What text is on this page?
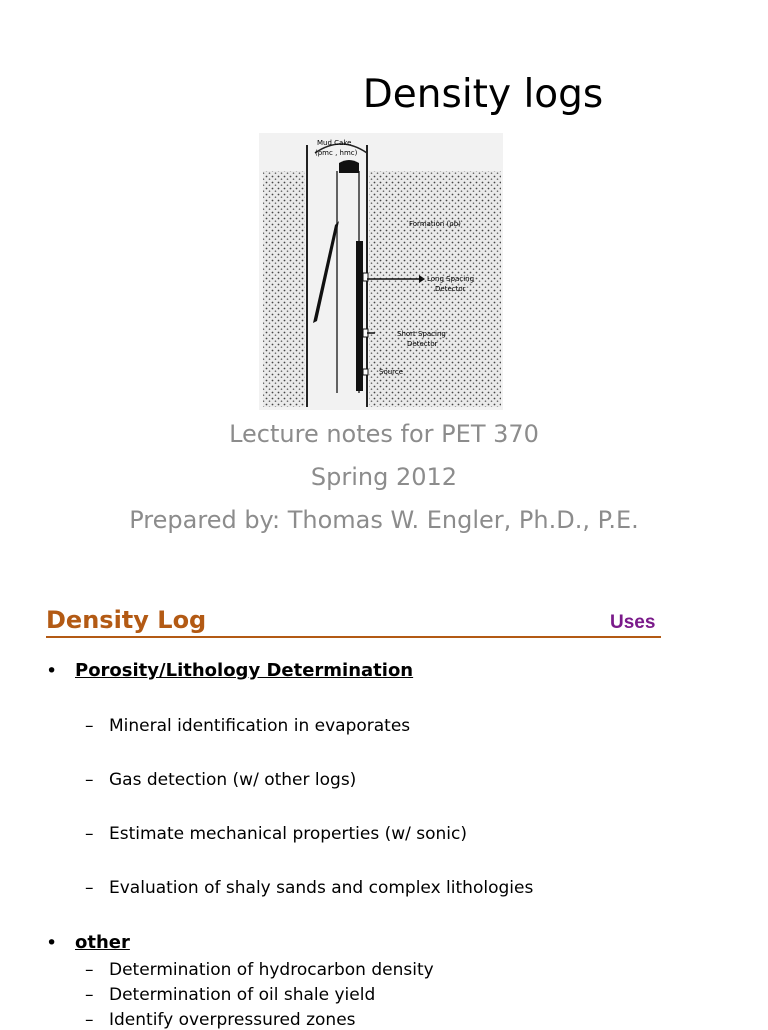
Density logs
Mud Cake
(ρmc , hmc)
Formation (ρb)
Long Spacing
Detector
Short Spacing
Detector
Source
Lecture notes for PET 370
Spring 2012
Prepared by: Thomas W. Engler, Ph.D., P.E.
Density Log	Uses
• Porosity/Lithology Determination
– Mineral identification in evaporates
– Gas detection (w/ other logs)
– Estimate mechanical properties (w/ sonic)
– Evaluation of shaly sands and complex lithologies
• other
– Determination of hydrocarbon density
– Determination of oil shale yield
– Identify overpressured zones
